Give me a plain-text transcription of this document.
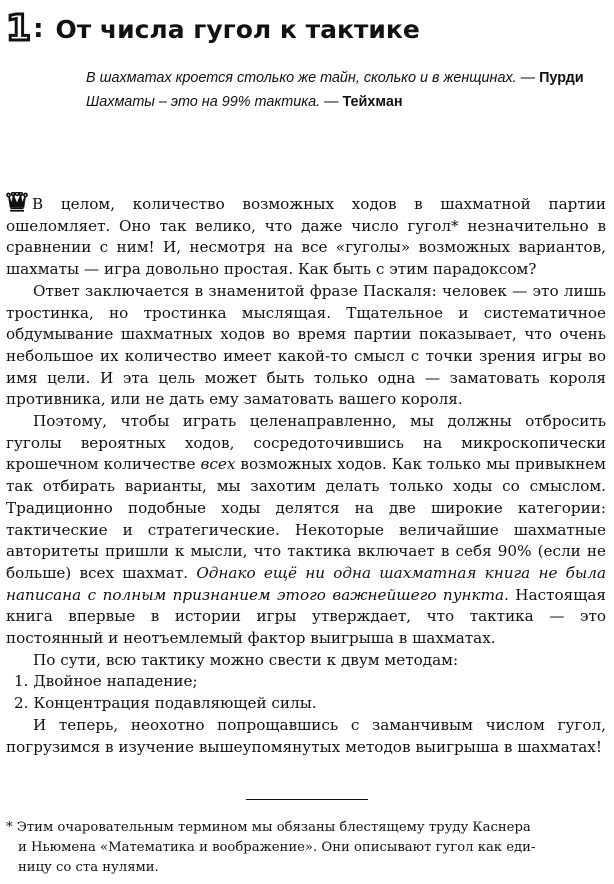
1 : От числа гугол к тактике
В шахматах кроется столько же тайн, сколько и в женщинах. — Пурди
Шахматы – это на 99% тактика. — Тейхман

В целом, количество возможных ходов в шахматной партии ошеломляет. Оно так велико, что даже число гугол* незначительно в сравнении с ним! И, несмотря на все «гуголы» возможных вариантов, шахматы — игра довольно простая. Как быть с этим парадоксом?

Ответ заключается в знаменитой фразе Паскаля: человек — это лишь тростинка, но тростинка мыслящая. Тщательное и систематичное обдумывание шахматных ходов во время партии показывает, что очень небольшое их количество имеет какой-то смысл с точки зрения игры во имя цели. И эта цель может быть только одна — заматовать короля противника, или не дать ему заматовать вашего короля.

Поэтому, чтобы играть целенаправленно, мы должны отбросить гуголы вероятных ходов, сосредоточившись на микроскопически крошечном количестве всех возможных ходов. Как только мы привыкнем так отбирать варианты, мы захотим делать только ходы со смыслом. Традиционно подобные ходы делятся на две широкие категории: тактические и стратегические. Некоторые величайшие шахматные авторитеты пришли к мысли, что тактика включает в себя 90% (если не больше) всех шахмат. Однако ещё ни одна шахматная книга не была написана с полным признанием этого важнейшего пункта. Настоящая книга впервые в истории игры утверждает, что тактика — это постоянный и неотъемлемый фактор выигрыша в шахматах.

По сути, всю тактику можно свести к двум методам:

1. Двойное нападение;

2. Концентрация подавляющей силы.

И теперь, неохотно попрощавшись с заманчивым числом гугол, погрузимся в изучение вышеупомянутых методов выигрыша в шахматах!

* Этим очаровательным термином мы обязаны блестящему труду Каснера
и Ньюмена «Математика и воображение». Они описывают гугол как еди-
ницу со ста нулями.
